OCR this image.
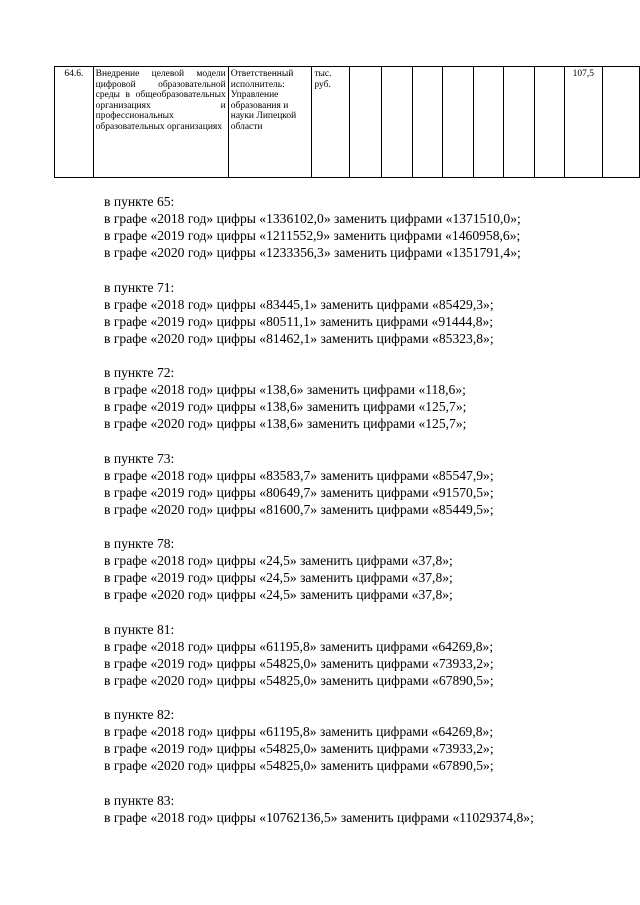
64.6.	Внедрение целевой модели цифровой образовательной среды в общеобразовательных организациях и профессиональных образовательных организациях	Ответственный исполнитель: Управление образования и науки Липецкой области	тыс. руб.								107,5	

в пункте 65:

в графе «2018 год» цифры «1336102,0» заменить цифрами «1371510,0»;

в графе «2019 год» цифры «1211552,9» заменить цифрами «1460958,6»;

в графе «2020 год» цифры «1233356,3» заменить цифрами «1351791,4»;

в пункте 71:

в графе «2018 год» цифры «83445,1» заменить цифрами «85429,3»;

в графе «2019 год» цифры «80511,1» заменить цифрами «91444,8»;

в графе «2020 год» цифры «81462,1» заменить цифрами «85323,8»;

в пункте 72:

в графе «2018 год» цифры «138,6» заменить цифрами «118,6»;

в графе «2019 год» цифры «138,6» заменить цифрами «125,7»;

в графе «2020 год» цифры «138,6» заменить цифрами «125,7»;

в пункте 73:

в графе «2018 год» цифры «83583,7» заменить цифрами «85547,9»;

в графе «2019 год» цифры «80649,7» заменить цифрами «91570,5»;

в графе «2020 год» цифры «81600,7» заменить цифрами «85449,5»;

в пункте 78:

в графе «2018 год» цифры «24,5» заменить цифрами «37,8»;

в графе «2019 год» цифры «24,5» заменить цифрами «37,8»;

в графе «2020 год» цифры «24,5» заменить цифрами «37,8»;

в пункте 81:

в графе «2018 год» цифры «61195,8» заменить цифрами «64269,8»;

в графе «2019 год» цифры «54825,0» заменить цифрами «73933,2»;

в графе «2020 год» цифры «54825,0» заменить цифрами «67890,5»;

в пункте 82:

в графе «2018 год» цифры «61195,8» заменить цифрами «64269,8»;

в графе «2019 год» цифры «54825,0» заменить цифрами «73933,2»;

в графе «2020 год» цифры «54825,0» заменить цифрами «67890,5»;

в пункте 83:

в графе «2018 год» цифры «10762136,5» заменить цифрами «11029374,8»;
